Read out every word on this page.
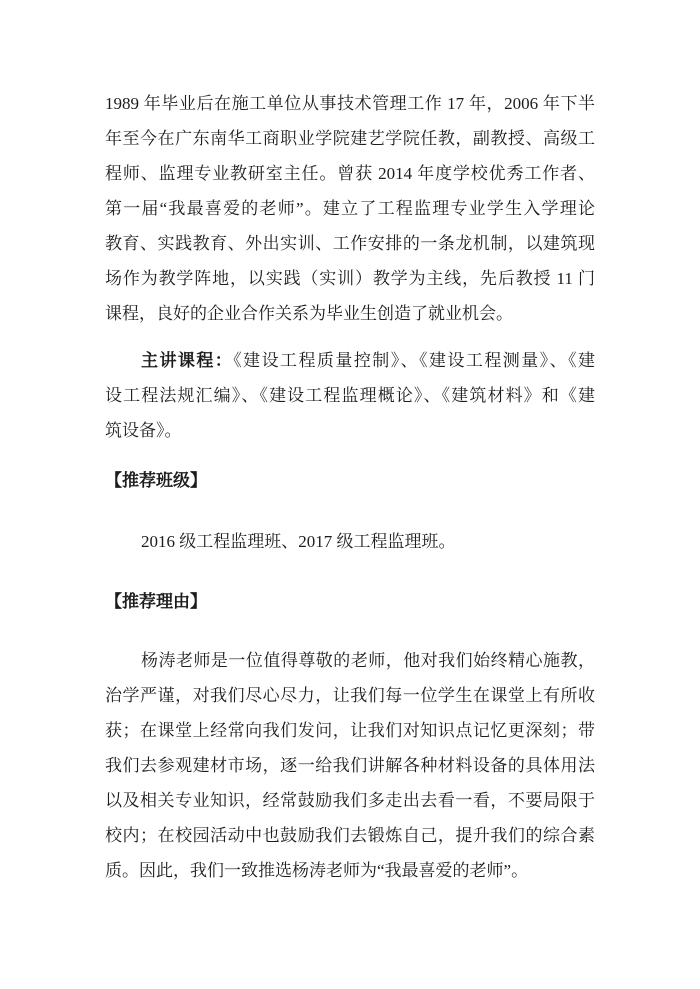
1989 年毕业后在施工单位从事技术管理工作 17 年，2006 年下半
年至今在广东南华工商职业学院建艺学院任教，副教授、高级工
程师、监理专业教研室主任。曾获 2014 年度学校优秀工作者、
第一届“我最喜爱的老师”。建立了工程监理专业学生入学理论
教育、实践教育、外出实训、工作安排的一条龙机制，以建筑现
场作为教学阵地，以实践（实训）教学为主线，先后教授 11 门
课程，良好的企业合作关系为毕业生创造了就业机会。

主讲课程：《建设工程质量控制》、《建设工程测量》、《建
设工程法规汇编》、《建设工程监理概论》、《建筑材料》和《建
筑设备》。

【推荐班级】

2016 级工程监理班、2017 级工程监理班。

【推荐理由】

杨涛老师是一位值得尊敬的老师，他对我们始终精心施教，
治学严谨，对我们尽心尽力，让我们每一位学生在课堂上有所收
获；在课堂上经常向我们发问，让我们对知识点记忆更深刻；带
我们去参观建材市场，逐一给我们讲解各种材料设备的具体用法
以及相关专业知识，经常鼓励我们多走出去看一看，不要局限于
校内；在校园活动中也鼓励我们去锻炼自己，提升我们的综合素
质。因此，我们一致推选杨涛老师为“我最喜爱的老师”。
